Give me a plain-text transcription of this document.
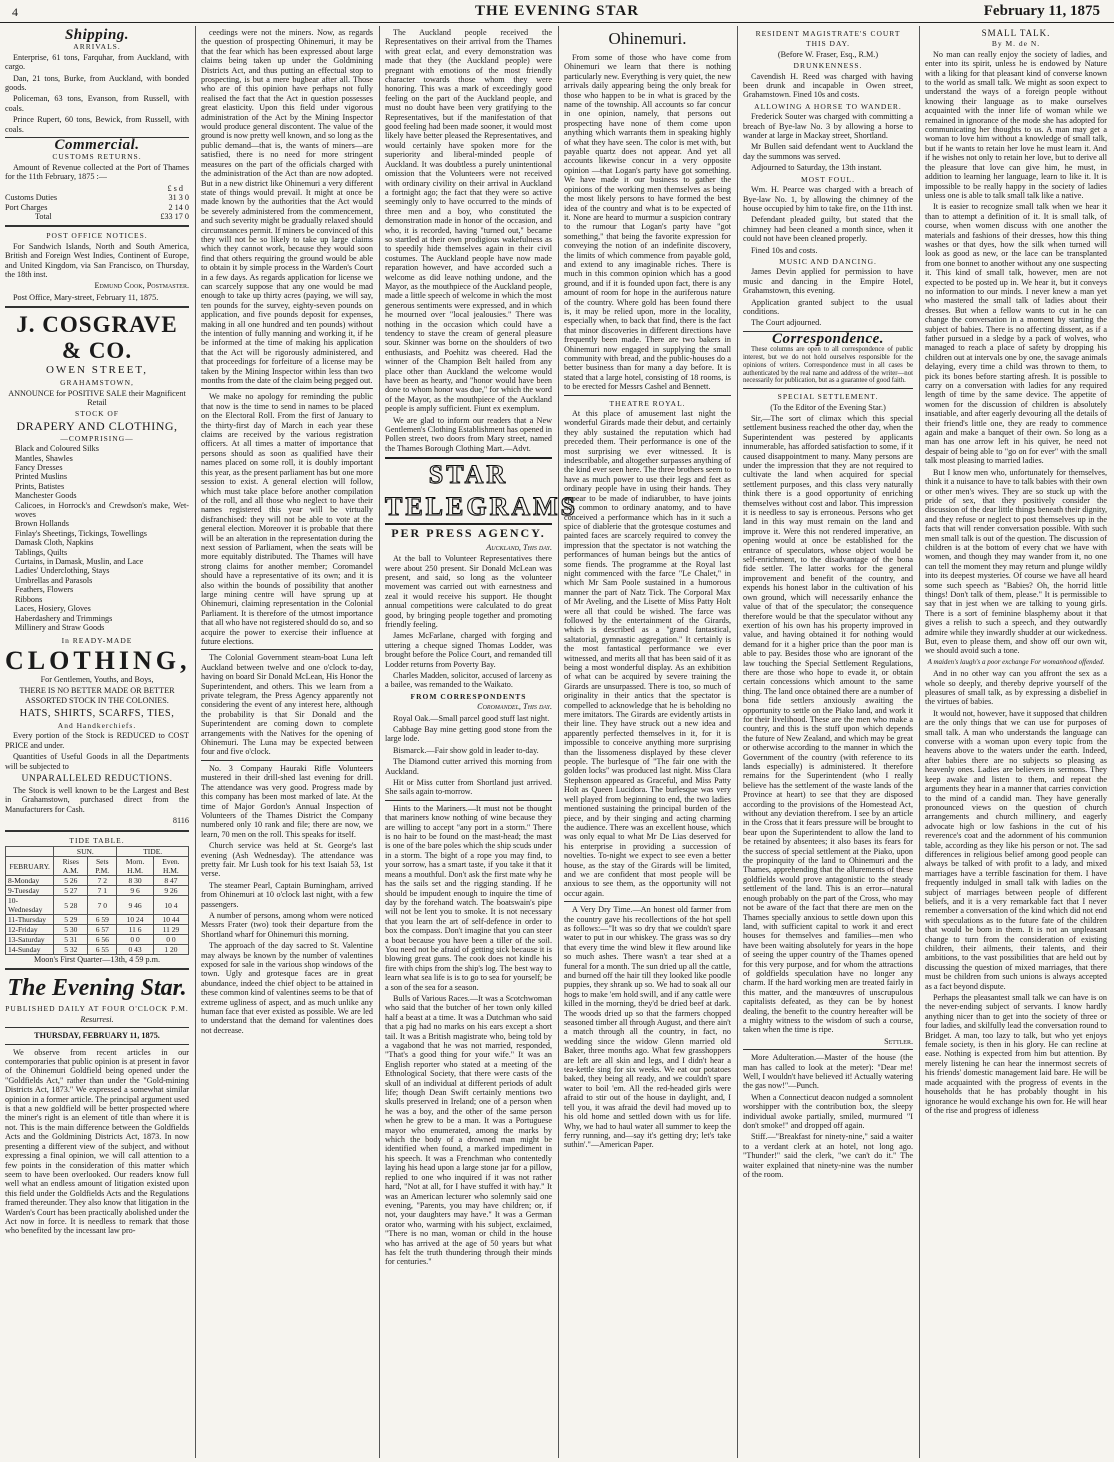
4	THE EVENING STAR	February 11, 1875
Shipping.
ARRIVALS.

Enterprise, 61 tons, Farquhar, from Auckland, with cargo.

Dan, 21 tons, Burke, from Auckland, with bonded goods.

Policeman, 63 tons, Evanson, from Russell, with coals.

Prince Rupert, 60 tons, Bewick, from Russell, with coals.

Commercial.
CUSTOMS RETURNS.

Amount of Revenue collected at the Port of Thames for the 11th February, 1875 :—

£ s d
Customs Duties	31 3 0
Port Charges	2 14 0
Total	£33 17 0
POST OFFICE NOTICES.

For Sandwich Islands, North and South America, British and Foreign West Indies, Continent of Europe, and United Kingdom, via San Francisco, on Thursday, the 18th inst.

Edmund Cook, Postmaster.

Post Office, Mary-street, February 11, 1875.

J. COSGRAVE & CO.
OWEN STREET,
GRAHAMSTOWN,

ANNOUNCE for POSITIVE SALE their Magnificent Retail

STOCK OF
DRAPERY AND CLOTHING,
—COMPRISING—
Black and Coloured Silks
Mantles, Shawles
Fancy Dresses
Printed Muslins
Prints, Batistes
Manchester Goods
Calicoes, in Horrock's and Crewdson's make, Wet-woves
Brown Hollands
Finlay's Sheetings, Tickings, Towellings
Damask Cloth, Napkins
Tablings, Quilts
Curtains, in Damask, Muslin, and Lace
Ladies' Underclothing, Stays
Umbrellas and Parasols
Feathers, Flowers
Ribbons
Laces, Hosiery, Gloves
Haberdashery and Trimmings
Millinery and Straw Goods
In READY-MADE
CLOTHING,

For Gentlemen, Youths, and Boys,

THERE IS NO BETTER MADE OR BETTER ASSORTED STOCK IN THE COLONIES.

HATS, SHIRTS, SCARFS, TIES,
And Handkerchiefs.

Every portion of the Stock is REDUCED to COST PRICE and under.

Quantities of Useful Goods in all the Departments will be subjected to

UNPARALLELED REDUCTIONS.

The Stock is well known to be the Largest and Best in Grahamstown, purchased direct from the Manufacturers for Cash.

8116
TIDE TABLE.
	SUN.		TIDE.	
FEBRUARY.	Rises A.M.	Sets P.M.	Morn. H.M.	Even. H.M.
8-Monday	5 26	7 2	8 30	8 47
9-Tuesday	5 27	7 1	9 6	9 26
10-Wednesday	5 28	7 0	9 46	10 4
11-Thursday	5 29	6 59	10 24	10 44
12-Friday	5 30	6 57	11 6	11 29
13-Saturday	5 31	6 56	0 0	0 0
14-Sunday	5 32	6 55	0 43	1 20

Moon's First Quarter—13th, 4 59 p.m.

The Evening Star.
PUBLISHED DAILY AT FOUR O'CLOCK P.M.
Resurresi.
THURSDAY, FEBRUARY 11, 1875.

We observe from recent articles in our contemporaries that public opinion is at present in favor of the Ohinemuri Goldfield being opened under the "Goldfields Act," rather than under the "Gold-mining Districts Act, 1873." We expressed a somewhat similar opinion in a former article. The principal argument used is that a new goldfield will be better prospected where the miner's right is an element of title than where it is not. This is the main difference between the Goldfields Acts and the Goldmining Districts Act, 1873. In now presenting a different view of the subject, and without expressing a final opinion, we will call attention to a few points in the consideration of this matter which seem to have been overlooked. Our readers know full well what an endless amount of litigation existed upon this field under the Goldfields Acts and the Regulations framed thereunder. They also know that litigation in the Warden's Court has been practically abolished under the Act now in force. It is needless to remark that those who benefited by the incessant law pro-

ceedings were not the miners. Now, as regards the question of prospecting Ohinemuri, it may be that the fear which has been expressed about large claims being taken up under the Goldmining Districts Act, and thus putting an effectual stop to prospecting, is but a mere bugbear after all. Those who are of this opinion have perhaps not fully realised the fact that the Act in question possesses great elasticity. Upon this field under vigorous administration of the Act by the Mining Inspector would produce general discontent. The value of the ground is now pretty well known, and so long as the public demand—that is, the wants of miners—are satisfied, there is no need for more stringent measures on the part of the officials charged with the administration of the Act than are now adopted. But in a new district like Ohinemuri a very different state of things would prevail. It might at once be made known by the authorities that the Act would be severely administered from the commencement, and such severity might be gradually relaxed should circumstances permit. If miners be convinced of this they will not be so likely to take up large claims which they cannot work, because they would soon find that others requiring the ground would be able to obtain it by simple process in the Warden's Court in a few days. As regards application for license we can scarcely suppose that any one would be mad enough to take up thirty acres (paying, we will say, ten pounds for the survey, eighty-seven pounds on application, and five pounds deposit for expenses, making in all one hundred and ten pounds) without the intention of fully manning and working it, if he be informed at the time of making his application that the Act will be rigorously administered, and that proceedings for forfeiture of a license may be taken by the Mining Inspector within less than two months from the date of the claim being pegged out.

We make no apology for reminding the public that now is the time to send in names to be placed on the Electoral Roll. From the first of January to the thirty-first day of March in each year these claims are received by the various registration officers. At all times a matter of importance that persons should as soon as qualified have their names placed on some roll, it is doubly important this year, as the present parliament has but one more session to exist. A general election will follow, which must take place before another compilation of the roll, and all those who neglect to have their names registered this year will be virtually disfranchised: they will not be able to vote at the general election. Moreover it is probable that there will be an alteration in the representation during the next session of Parliament, when the seats will be more equitably distributed. The Thames will have strong claims for another member; Coromandel should have a representative of its own; and it is also within the bounds of possibility that another large mining centre will have sprung up at Ohinemuri, claiming representation in the Colonial Parliament. It is therefore of the utmost importance that all who have not registered should do so, and so acquire the power to exercise their influence at future elections.

The Colonial Government steam-boat Luna left Auckland between twelve and one o'clock to-day, having on board Sir Donald McLean, His Honor the Superintendent, and others. This we learn from a private telegram, the Press Agency apparently not considering the event of any interest here, although the probability is that Sir Donald and the Superintendent are coming down to complete arrangements with the Natives for the opening of Ohinemuri. The Luna may be expected between four and five o'clock.

No. 3 Company Hauraki Rifle Volunteers mustered in their drill-shed last evening for drill. The attendance was very good. Progress made by this company has been most marked of late. At the time of Major Gordon's Annual Inspection of Volunteers of the Thames District the Company numbered only 10 rank and file; there are now, we learn, 70 men on the roll. This speaks for itself.

Church service was held at St. George's last evening (Ash Wednesday). The attendance was pretty fair. Mr Lush took for his text Isaiah 53, 1st verse.

The steamer Pearl, Captain Burningham, arrived from Ohinemuri at 10 o'clock last night, with a few passengers.

A number of persons, among whom were noticed Messrs Frater (two) took their departure from the Shortland wharf for Ohinemuri this morning.

The approach of the day sacred to St. Valentine may always be known by the number of valentines exposed for sale in the various shop windows of the town. Ugly and grotesque faces are in great abundance, indeed the chief object to be attained in these common kind of valentines seems to be that of extreme ugliness of aspect, and as much unlike any human face that ever existed as possible. We are led to understand that the demand for valentines does not decrease.

The Auckland people received the Representatives on their arrival from the Thames with great eclat, and every demonstration was made that they (the Auckland people) were pregnant with emotions of the most friendly character towards those whom they were honoring. This was a mark of exceedingly good feeling on the part of the Auckland people, and must no doubt have been very gratifying to the Representatives, but if the manifestation of that good feeling had been made sooner, it would most likely have better pleased the Representatives, and would certainly have spoken more for the superiority and liberal-minded people of Auckland. It was doubtless a purely unintentional omission that the Volunteers were not received with ordinary civility on their arrival in Auckland a fortnight ago; the fact that they were so active seemingly only to have occurred to the minds of three men and a boy, who constituted the demonstration made in honor of the occasion, and who, it is recorded, having "turned out," became so startled at their own prodigious wakefulness as to speedily hide themselves again in their civil costumes. The Auckland people have now made reparation however, and have accorded such a welcome as did leave nothing undone, and the Mayor, as the mouthpiece of the Auckland people, made a little speech of welcome in which the most generous sentiments were expressed, and in which he mourned over "local jealousies." There was nothing in the occasion which could have a tendency to stave the cream of general pleasure sour. Skinner was borne on the shoulders of two enthusiasts, and Poehitz was cheered. Had the winner of the Champion Belt hailed from any place other than Auckland the welcome would have been as hearty, and "honor would have been done to whom honor was due," for which the word of the Mayor, as the mouthpiece of the Auckland people is amply sufficient. Fiunt ex exemplum.

We are glad to inform our readers that a New Gentlemen's Clothing Establishment has opened in Pollen street, two doors from Mary street, named the Thames Borough Clothing Mart.—Advt.

STAR TELEGRAMS
PER PRESS AGENCY.

Auckland, This day.

At the ball to Volunteer Representatives there were about 250 present. Sir Donald McLean was present, and said, so long as the volunteer movement was carried out with earnestness and zeal it would receive his support. He thought annual competitions were calculated to do great good, by bringing people together and promoting friendly feeling.

James McFarlane, charged with forging and uttering a cheque signed Thomas Lodder, was brought before the Police Court, and remanded till Lodder returns from Poverty Bay.

Charles Madden, solicitor, accused of larceny as a bailee, was remanded to the Waikato.

FROM CORRESPONDENTS

Coromandel, This day.

Royal Oak.—Small parcel good stuff last night.

Cabbage Bay mine getting good stone from the large lode.

Bismarck.—Fair show gold in leader to-day.

The Diamond cutter arrived this morning from Auckland.

Hit or Miss cutter from Shortland just arrived. She sails again to-morrow.

Hints to the Mariners.—It must not be thought that mariners know nothing of wine because they are willing to accept "any port in a storm." There is no hair to be found on the mast-head; the mast is one of the bare poles which the ship scuds under in a storm. The bight of a rope you may find, to your sorrow, has a smart taste, if you take it that it means a mouthful. Don't ask the first mate why he has the sails set and the rigging standing. If he should be impudent enough to inquire the time of day by the forehand watch. The boatswain's pipe will not be lent you to smoke. It is not necessary that you learn the art of self-defence in order to box the compass. Don't imagine that you can steer a boat because you have been a tiller of the soil. You need not be afraid of getting sick because it is blowing great guns. The cook does not kindle his fire with chips from the ship's log. The best way to learn what sea life is is to go to sea for yourself; be a son of the sea for a season.

Bulls of Various Races.—It was a Scotchwoman who said that the butcher of her town only killed half a beast at a time. It was a Dutchman who said that a pig had no marks on his ears except a short tail. It was a British magistrate who, being told by a vagabond that he was not married, responded, "That's a good thing for your wife." It was an English reporter who stated at a meeting of the Ethnological Society, that there were casts of the skull of an individual at different periods of adult life; though Dean Swift certainly mentions two skulls preserved in Ireland; one of a person when he was a boy, and the other of the same person when he grew to be a man. It was a Portuguese mayor who enumerated, among the marks by which the body of a drowned man might be identified when found, a marked impediment in his speech. It was a Frenchman who contentedly laying his head upon a large stone jar for a pillow, replied to one who inquired if it was not rather hard, "Not at all, for I have stuffed it with hay." It was an American lecturer who solemnly said one evening, "Parents, you may have children; or, if not, your daughters may have." It was a German orator who, warming with his subject, exclaimed, "There is no man, woman or child in the house who has arrived at the age of 50 years but what has felt the truth thundering through their minds for centuries."

Ohinemuri.

From some of those who have come from Ohinemuri we learn that there is nothing particularly new. Everything is very quiet, the new arrivals daily appearing being the only break for those who happen to be in what is graced by the name of the township. All accounts so far concur in one opinion, namely, that persons out prospecting have none of them come upon anything which warrants them in speaking highly of what they have seen. The color is met with, but payable quartz does not appear. And yet all accounts likewise concur in a very opposite opinion —that Logan's party have got something. We have made it our business to gather the opinions of the working men themselves as being the most likely persons to have formed the best idea of the country and what is to be expected of it. None are heard to murmur a suspicion contrary to the rumour that Logan's party have "got something," that being the favorite expression for conveying the notion of an indefinite discovery, the limits of which commence from payable gold, and extend to any imaginable riches. There is much in this common opinion which has a good ground, and if it is founded upon fact, there is any amount of room for hope in the auriferous nature of the country. Where gold has been found there is, it may be relied upon, more in the locality, especially when, to back that find, there is the fact that minor discoveries in different directions have frequently been made. There are two bakers in Ohinemuri now engaged in supplying the small community with bread, and the public-houses do a better business than for many a day before. It is stated that a large hotel, consisting of 18 rooms, is to be erected for Messrs Cashel and Bennett.

THEATRE ROYAL.

At this place of amusement last night the wonderful Girards made their debut, and certainly they ably sustained the reputation which had preceded them. Their performance is one of the most surprising we ever witnessed. It is indescribable, and altogether surpasses anything of the kind ever seen here. The three brothers seem to have as much power to use their legs and feet as ordinary people have in using their hands. They appear to be made of indiarubber, to have joints not common to ordinary anatomy, and to have conceived a performance which has in it such a spice of diablerie that the grotesque costumes and painted faces are scarcely required to convey the impression that the spectator is not watching the performances of human beings but the antics of some fiends. The programme at the Royal last night commenced with the farce "Le Chalet," in which Mr Sam Poole sustained in a humorous manner the part of Natz Tick. The Corporal Max of Mr Aveling, and the Lisette of Miss Patty Holt were all that could be wished. The farce was followed by the entertainment of the Girards, which is described as a "grand fantastical, saltatorial, gymnastic aggregation." It certainly is the most fantastical performance we ever witnessed, and merits all that has been said of it as being a most wonderful display. As an exhibition of what can be acquired by severe training the Girards are unsurpassed. There is too, so much of originality in their antics that the spectator is compelled to acknowledge that he is beholding no mere imitators. The Girards are evidently artists in their line. They have struck out a new idea and apparently perfected themselves in it, for it is impossible to conceive anything more surprising than the lissomeness displayed by these clever people. The burlesque of "The fair one with the golden locks" was produced last night. Miss Clara Stephenson appeared as Graceful, and Miss Patty Holt as Queen Lucidora. The burlesque was very well played from beginning to end, the two ladies mentioned sustaining the principal burden of the piece, and by their singing and acting charming the audience. There was an excellent house, which was only equal to what Mr De Lias deserved for his enterprise in providing a succession of novelties. To-night we expect to see even a better house, as the stay of the Girards will be limited, and we are confident that most people will be anxious to see them, as the opportunity will not occur again.

A Very Dry Time.—An honest old farmer from the country gave his recollections of the hot spell as follows:—"It was so dry that we couldn't spare water to put in our whiskey. The grass was so dry that every time the wind blew it flew around like so much ashes. There wasn't a tear shed at a funeral for a month. The sun dried up all the cattle, and burned off the hair till they looked like poodle puppies, they shrank up so. We had to soak all our hogs to make 'em hold swill, and if any cattle were killed in the morning, they'd be dried beef at dark. The woods dried up so that the farmers chopped seasoned timber all through August, and there ain't a match through all the country, in fact, no wedding since the widow Glenn married old Baker, three months ago. What few grasshoppers are left are all skin and legs, and I didn't hear a tea-kettle sing for six weeks. We eat our potatoes baked, they being all ready, and we couldn't spare water to boil 'em. All the red-headed girls were afraid to stir out of the house in daylight, and, I tell you, it was afraid the devil had moved up to his old home and settled down with us for life. Why, we had to haul water all summer to keep the ferry running, and—say it's getting dry; let's take suthin'."—American Paper.

RESIDENT MAGISTRATE'S COURT
THIS DAY.

(Before W. Fraser, Esq., R.M.)

DRUNKENNESS.

Cavendish H. Reed was charged with having been drunk and incapable in Owen street, Grahamstown. Fined 10s and costs.

ALLOWING A HORSE TO WANDER.

Frederick Souter was charged with committing a breach of Bye-law No. 3 by allowing a horse to wander at large in Mackay street, Shortland.

Mr Bullen said defendant went to Auckland the day the summons was served.

Adjourned to Saturday, the 13th instant.

MOST FOUL.

Wm. H. Pearce was charged with a breach of Bye-law No. 1, by allowing the chimney of the house occupied by him to take fire, on the 11th inst.

Defendant pleaded guilty, but stated that the chimney had been cleaned a month since, when it could not have been cleaned properly.

Fined 10s and costs.

MUSIC AND DANCING.

James Devin applied for permission to have music and dancing in the Empire Hotel, Grahamstown, this evening.

Application granted subject to the usual conditions.

The Court adjourned.

Correspondence.

These columns are open to all correspondence of public interest, but we do not hold ourselves responsible for the opinions of writers. Correspondence must in all cases be authenticated by the real name and address of the writer—not necessarily for publication, but as a guarantee of good faith.

SPECIAL SETTLEMENT.

(To the Editor of the Evening Star.)

Sir,—The sort of climax which this special settlement business reached the other day, when the Superintendent was pestered by applicants innumerable, has afforded satisfaction to some, if it caused disappointment to many. Many persons are under the impression that they are not required to cultivate the land when acquired for special settlement purposes, and this class very naturally think there is a good opportunity of enriching themselves without cost and labor. This impression it is needless to say is erroneous. Persons who get land in this way must remain on the land and improve it. Were this not rendered imperative, an opening would at once be established for the entrance of speculators, whose object would be self-enrichment, to the disadvantage of the bona fide settler. The latter works for the general improvement and benefit of the country, and expends his honest labor in the cultivation of his own ground, which will necessarily enhance the value of that of the speculator; the consequence therefore would be that the speculator without any exertion of his own has his property improved in value, and having obtained it for nothing would demand for it a higher price than the poor man is able to pay. Besides those who are ignorant of the law touching the Special Settlement Regulations, there are those who hope to evade it, or obtain certain concessions which amount to the same thing. The land once obtained there are a number of bona fide settlers anxiously awaiting the opportunity to settle on the Piako land, and work it for their livelihood. These are the men who make a country, and this is the stuff upon which depends the future of New Zealand, and which may be great or otherwise according to the manner in which the Government of the country (with reference to its lands especially) is administered. It therefore remains for the Superintendent (who I really believe has the settlement of the waste lands of the Province at heart) to see that they are disposed according to the provisions of the Homestead Act, without any deviation therefrom. I see by an article in the Cross that it fears pressure will be brought to bear upon the Superintendent to allow the land to be retained by absentees; it also bases its fears for the success of special settlement at the Piako, upon the propinquity of the land to Ohinemuri and the Thames, apprehending that the allurements of these goldfields would prove antagonistic to the steady settlement of the land. This is an error—natural enough probably on the part of the Cross, who may not be aware of the fact that there are men on the Thames specially anxious to settle down upon this land, with sufficient capital to work it and erect houses for themselves and families—men who have been waiting absolutely for years in the hope of seeing the upper country of the Thames opened for this very purpose, and for whom the attractions of goldfields speculation have no longer any charm. If the hard working men are treated fairly in this matter, and the manœuvres of unscrupulous capitalists defeated, as they can be by honest dealing, the benefit to the country hereafter will be a mighty witness to the wisdom of such a course, taken when the time is ripe.

Settler.

More Adulteration.—Master of the house (the man has called to look at the meter): "Dear me! Well, I wouldn't have believed it! Actually watering the gas now!"—Punch.

When a Connecticut deacon nudged a somnolent worshipper with the contribution box, the sleepy individual awoke partially, smiled, murmured "I don't smoke!" and dropped off again.

Stiff.—"Breakfast for ninety-nine," said a waiter to a verdant clerk at an hotel, not long ago. "Thunder!" said the clerk, "we can't do it." The waiter explained that ninety-nine was the number of the room.

SMALL TALK.
By M. de N.

No man can really enjoy the society of ladies, and enter into its spirit, unless he is endowed by Nature with a liking for that pleasant kind of converse known to the world as small talk. We might as soon expect to understand the ways of a foreign people without knowing their language as to make ourselves acquainted with the inner life of woman while we remained in ignorance of the mode she has adopted for communicating her thoughts to us. A man may get a woman to love him without a knowledge of small talk, but if he wants to retain her love he must learn it. And if he wishes not only to retain her love, but to derive all the pleasure that love can give him, he must, in addition to learning her language, learn to like it. It is impossible to be really happy in the society of ladies unless one is able to talk small talk like a native.

It is easier to recognize small talk when we hear it than to attempt a definition of it. It is small talk, of course, when women discuss with one another the materials and fashions of their dresses, how this thing washes or that dyes, how the silk when turned will look as good as new, or the lace can be transplanted from one bonnet to another without any one suspecting it. This kind of small talk, however, men are not expected to be posted up in. We hear it, but it conveys no information to our minds. I never knew a man yet who mastered the small talk of ladies about their dresses. But when a fellow wants to cut in he can change the conversation in a moment by starting the subject of babies. There is no affecting dissent, as if a father pursued in a sledge by a pack of wolves, who managed to reach a place of safety by dropping his children out at intervals one by one, the savage animals delaying, every time a child was thrown to them, to pick its bones before starting afresh. It is possible to carry on a conversation with ladies for any required length of time by the same device. The appetite of women for the discussion of children is absolutely insatiable, and after eagerly devouring all the details of their friend's little one, they are ready to commence again and make a banquet of their own. So long as a man has one arrow left in his quiver, he need not despair of being able to "go on for ever" with the small talk most pleasing to married ladies.

But I know men who, unfortunately for themselves, think it a nuisance to have to talk babies with their own or other men's wives. They are so stuck up with the pride of sex, that they positively consider the discussion of the dear little things beneath their dignity, and they refuse or neglect to post themselves up in the facts that will render conversation possible. With such men small talk is out of the question. The discussion of children is at the bottom of every chat we have with women, and though they may wander from it, no one can tell the moment they may return and plunge wildly into its deepest mysteries. Of course we have all heard some such speech as "Babies? Oh, the horrid little things! Don't talk of them, please." It is permissible to say that in jest when we are talking to young girls. There is a sort of feminine blasphemy about it that gives a relish to such a speech, and they outwardly admire while they inwardly shudder at our wickedness. But, even to please them, and show off our own wit, we should avoid such a tone.

A maiden's laugh's a poor exchange For womanhood offended.

And in no other way can you affront the sex as a whole so deeply, and thereby deprive yourself of the pleasures of small talk, as by expressing a disbelief in the virtues of babies.

It would not, however, have it supposed that children are the only things that we can use for purposes of small talk. A man who understands the language can converse with a woman upon every topic from the heavens above to the waters under the earth. Indeed, after babies there are no subjects so pleasing as heavenly ones. Ladies are believers in sermons. They keep awake and listen to them, and repeat the arguments they hear in a manner that carries conviction to the mind of a candid man. They have generally pronounced views on the question of church arrangements and church millinery, and eagerly advocate high or low fashions in the cut of his reverence's coat and the adornment of his communion table, according as they like his person or not. The sad differences in religious belief among good people can always be talked of with profit to a lady, and mixed marriages have a terrible fascination for them. I have frequently indulged in small talk with ladies on the subject of marriages between people of different beliefs, and it is a very remarkable fact that I never remember a conversation of the kind which did not end with speculations as to the future fate of the children that would be born in them. It is not an unpleasant change to turn from the consideration of existing children, their ailments, their talents, and their ambitions, to the vast possibilities that are held out by discussing the question of mixed marriages, that there must be children from such unions is always accepted as a fact beyond dispute.

Perhaps the pleasantest small talk we can have is on the never-ending subject of servants. I know hardly anything nicer than to get into the society of three or four ladies, and skilfully lead the conversation round to Bridget. A man, too lazy to talk, but who yet enjoys female society, is then in his glory. He can recline at ease. Nothing is expected from him but attention. By merely listening he can hear the innermost secrets of his friends' domestic management laid bare. He will be made acquainted with the progress of events in the households that he has probably thought in his ignorance he would exchange his own for. He will hear of the rise and progress of idleness
